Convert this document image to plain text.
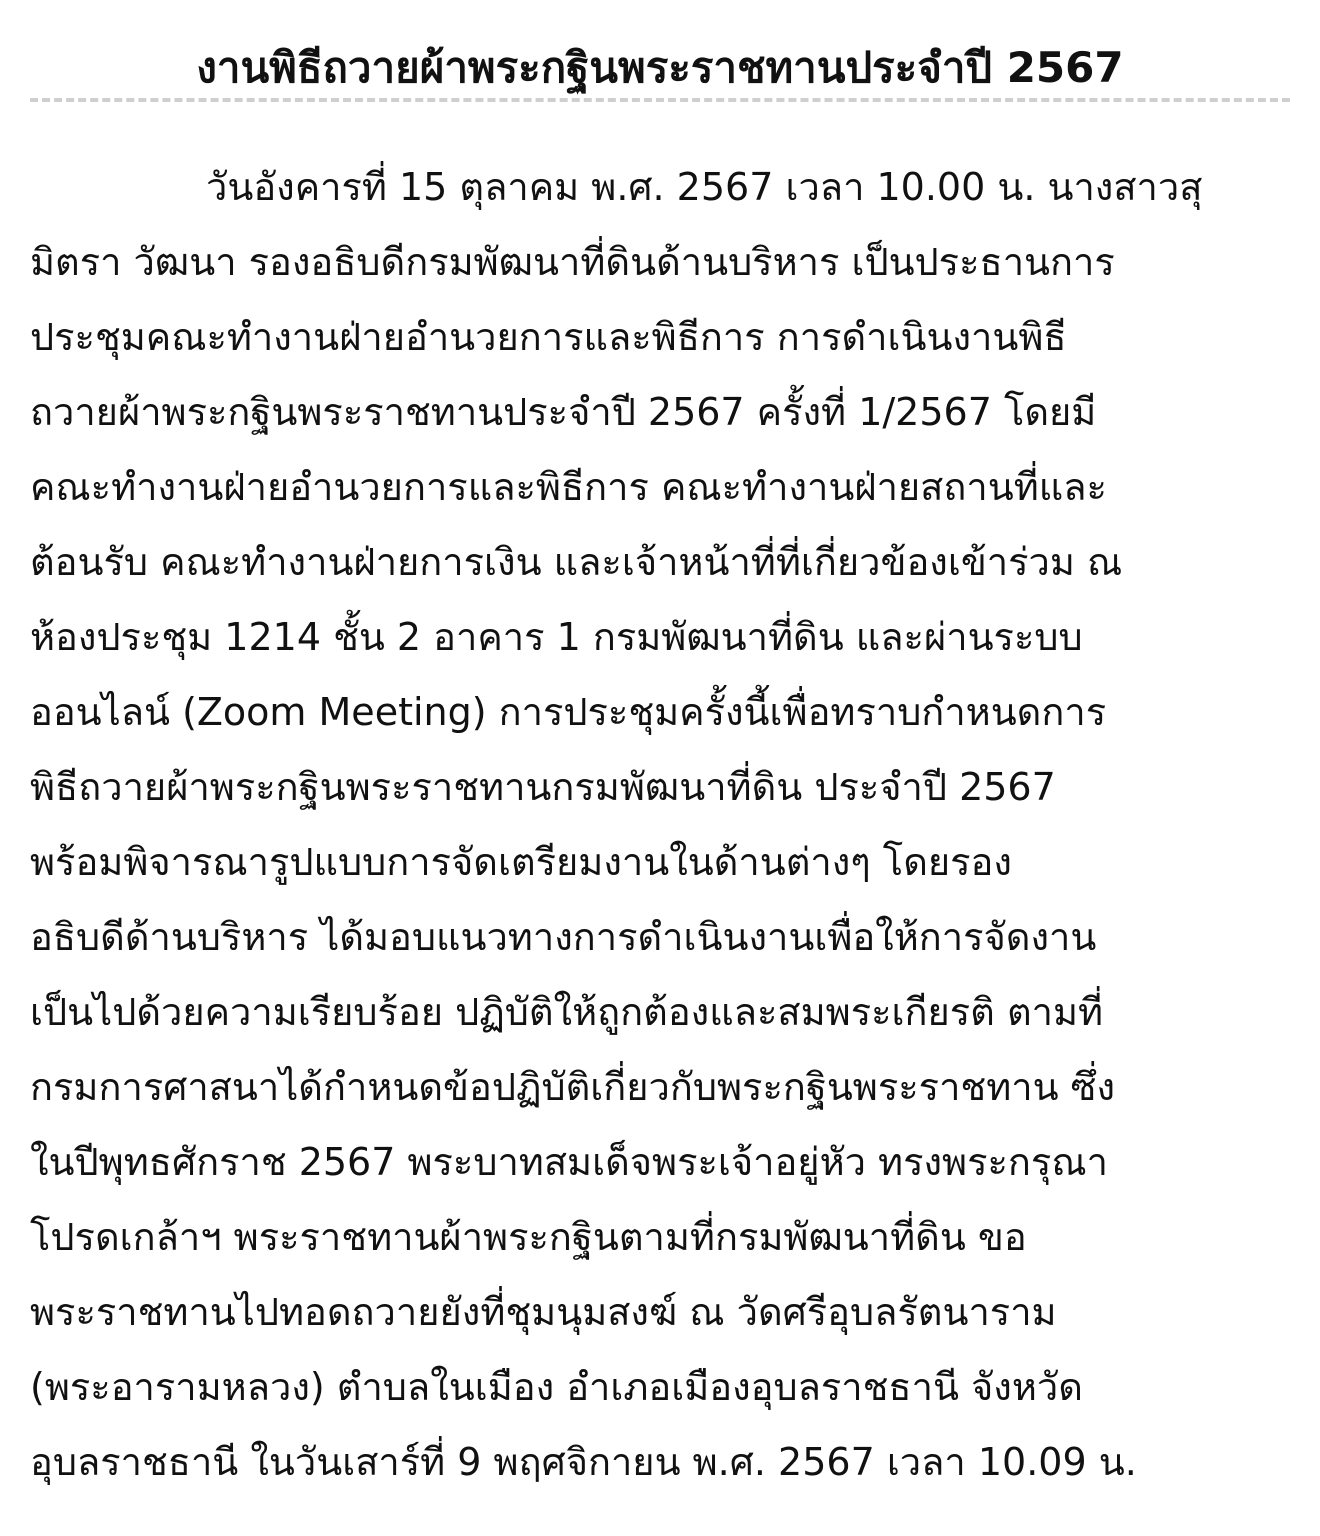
งานพิธีถวายผ้าพระกฐินพระราชทานประจำปี 2567
วันอังคารที่ 15 ตุลาคม พ.ศ. 2567 เวลา 10.00 น. นางสาวสุ
มิตรา วัฒนา รองอธิบดีกรมพัฒนาที่ดินด้านบริหาร เป็นประธานการ
ประชุมคณะทำงานฝ่ายอำนวยการและพิธีการ การดำเนินงานพิธี
ถวายผ้าพระกฐินพระราชทานประจำปี 2567 ครั้งที่ 1/2567 โดยมี
คณะทำงานฝ่ายอำนวยการและพิธีการ คณะทำงานฝ่ายสถานที่และ
ต้อนรับ คณะทำงานฝ่ายการเงิน และเจ้าหน้าที่ที่เกี่ยวข้องเข้าร่วม ณ
ห้องประชุม 1214 ชั้น 2 อาคาร 1 กรมพัฒนาที่ดิน และผ่านระบบ
ออนไลน์ (Zoom Meeting) การประชุมครั้งนี้เพื่อทราบกำหนดการ
พิธีถวายผ้าพระกฐินพระราชทานกรมพัฒนาที่ดิน ประจำปี 2567
พร้อมพิจารณารูปแบบการจัดเตรียมงานในด้านต่างๆ โดยรอง
อธิบดีด้านบริหาร ได้มอบแนวทางการดำเนินงานเพื่อให้การจัดงาน
เป็นไปด้วยความเรียบร้อย ปฏิบัติให้ถูกต้องและสมพระเกียรติ ตามที่
กรมการศาสนาได้กำหนดข้อปฏิบัติเกี่ยวกับพระกฐินพระราชทาน ซึ่ง
ในปีพุทธศักราช 2567 พระบาทสมเด็จพระเจ้าอยู่หัว ทรงพระกรุณา
โปรดเกล้าฯ พระราชทานผ้าพระกฐินตามที่กรมพัฒนาที่ดิน ขอ
พระราชทานไปทอดถวายยังที่ชุมนุมสงฆ์ ณ วัดศรีอุบลรัตนาราม
(พระอารามหลวง) ตำบลในเมือง อำเภอเมืองอุบลราชธานี จังหวัด
อุบลราชธานี ในวันเสาร์ที่ 9 พฤศจิกายน พ.ศ. 2567 เวลา 10.09 น.
